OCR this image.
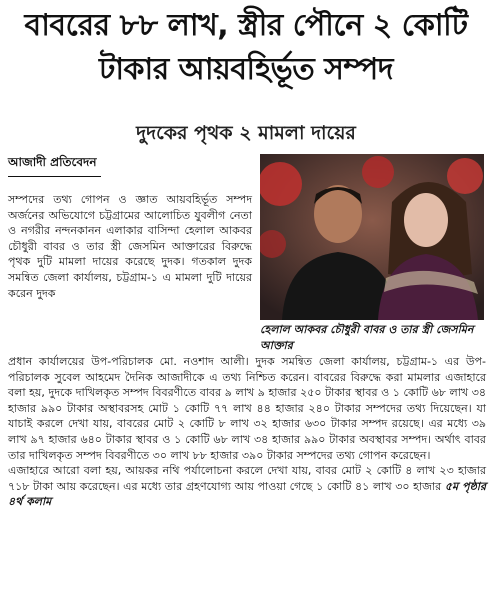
বাবরের ৮৮ লাখ, স্ত্রীর পৌনে ২ কোটি
টাকার আয়বহির্ভূত সম্পদ
দুদকের পৃথক ২ মামলা দায়ের
আজাদী প্রতিবেদন

সম্পদের তথ্য গোপন ও জ্ঞাত আয়বহির্ভূত সম্পদ অর্জনের অভিযোগে চট্টগ্রামের আলোচিত যুবলীগ নেতা ও নগরীর নন্দনকানন এলাকার বাসিন্দা হেলাল আকবর চৌধুরী বাবর ও তার স্ত্রী জেসমিন আক্তারের বিরুদ্ধে পৃথক দুটি মামলা দায়ের করেছে দুদক। গতকাল দুদক সমন্বিত জেলা কার্যালয়, চট্টগ্রাম-১ এ মামলা দুটি দায়ের করেন দুদক

হেলাল আকবর চৌধুরী বাবর ও তার স্ত্রী জেসমিন আক্তার

প্রধান কার্যালয়ের উপ-পরিচালক মো. নওশাদ আলী। দুদক সমন্বিত জেলা কার্যালয়, চট্টগ্রাম-১ এর উপ-পরিচালক সুবেল আহমেদ দৈনিক আজাদীকে এ তথ্য নিশ্চিত করেন। বাবরের বিরুদ্ধে করা মামলার এজাহারে বলা হয়, দুদকে দাখিলকৃত সম্পদ বিবরণীতে বাবর ৯ লাখ ৯ হাজার ২৫০ টাকার স্থাবর ও ১ কোটি ৬৮ লাখ ৩৪ হাজার ৯৯০ টাকার অস্থাবরসহ মোট ১ কোটি ৭৭ লাখ ৪৪ হাজার ২৪০ টাকার সম্পদের তথ্য দিয়েছেন। যা যাচাই করলে দেখা যায়, বাবরের মোট ২ কোটি ৮ লাখ ৩২ হাজার ৬৩০ টাকার সম্পদ রয়েছে। এর মধ্যে ৩৯ লাখ ৯৭ হাজার ৬৪০ টাকার স্থাবর ও ১ কোটি ৬৮ লাখ ৩৪ হাজার ৯৯০ টাকার অবস্থাবর সম্পদ। অর্থাৎ বাবর তার দাখিলকৃত সম্পদ বিবরণীতে ৩০ লাখ ৮৮ হাজার ৩৯০ টাকার সম্পদের তথ্য গোপন করেছেন।

এজাহারে আরো বলা হয়, আয়কর নথি পর্যালোচনা করলে দেখা যায়, বাবর মোট ২ কোটি ৪ লাখ ২৩ হাজার ৭১৮ টাকা আয় করেছেন। এর মধ্যে তার গ্রহণযোগ্য আয় পাওয়া গেছে ১ কোটি ৪১ লাখ ৩০ হাজার ৫ম পৃষ্ঠার ৪র্থ কলাম
